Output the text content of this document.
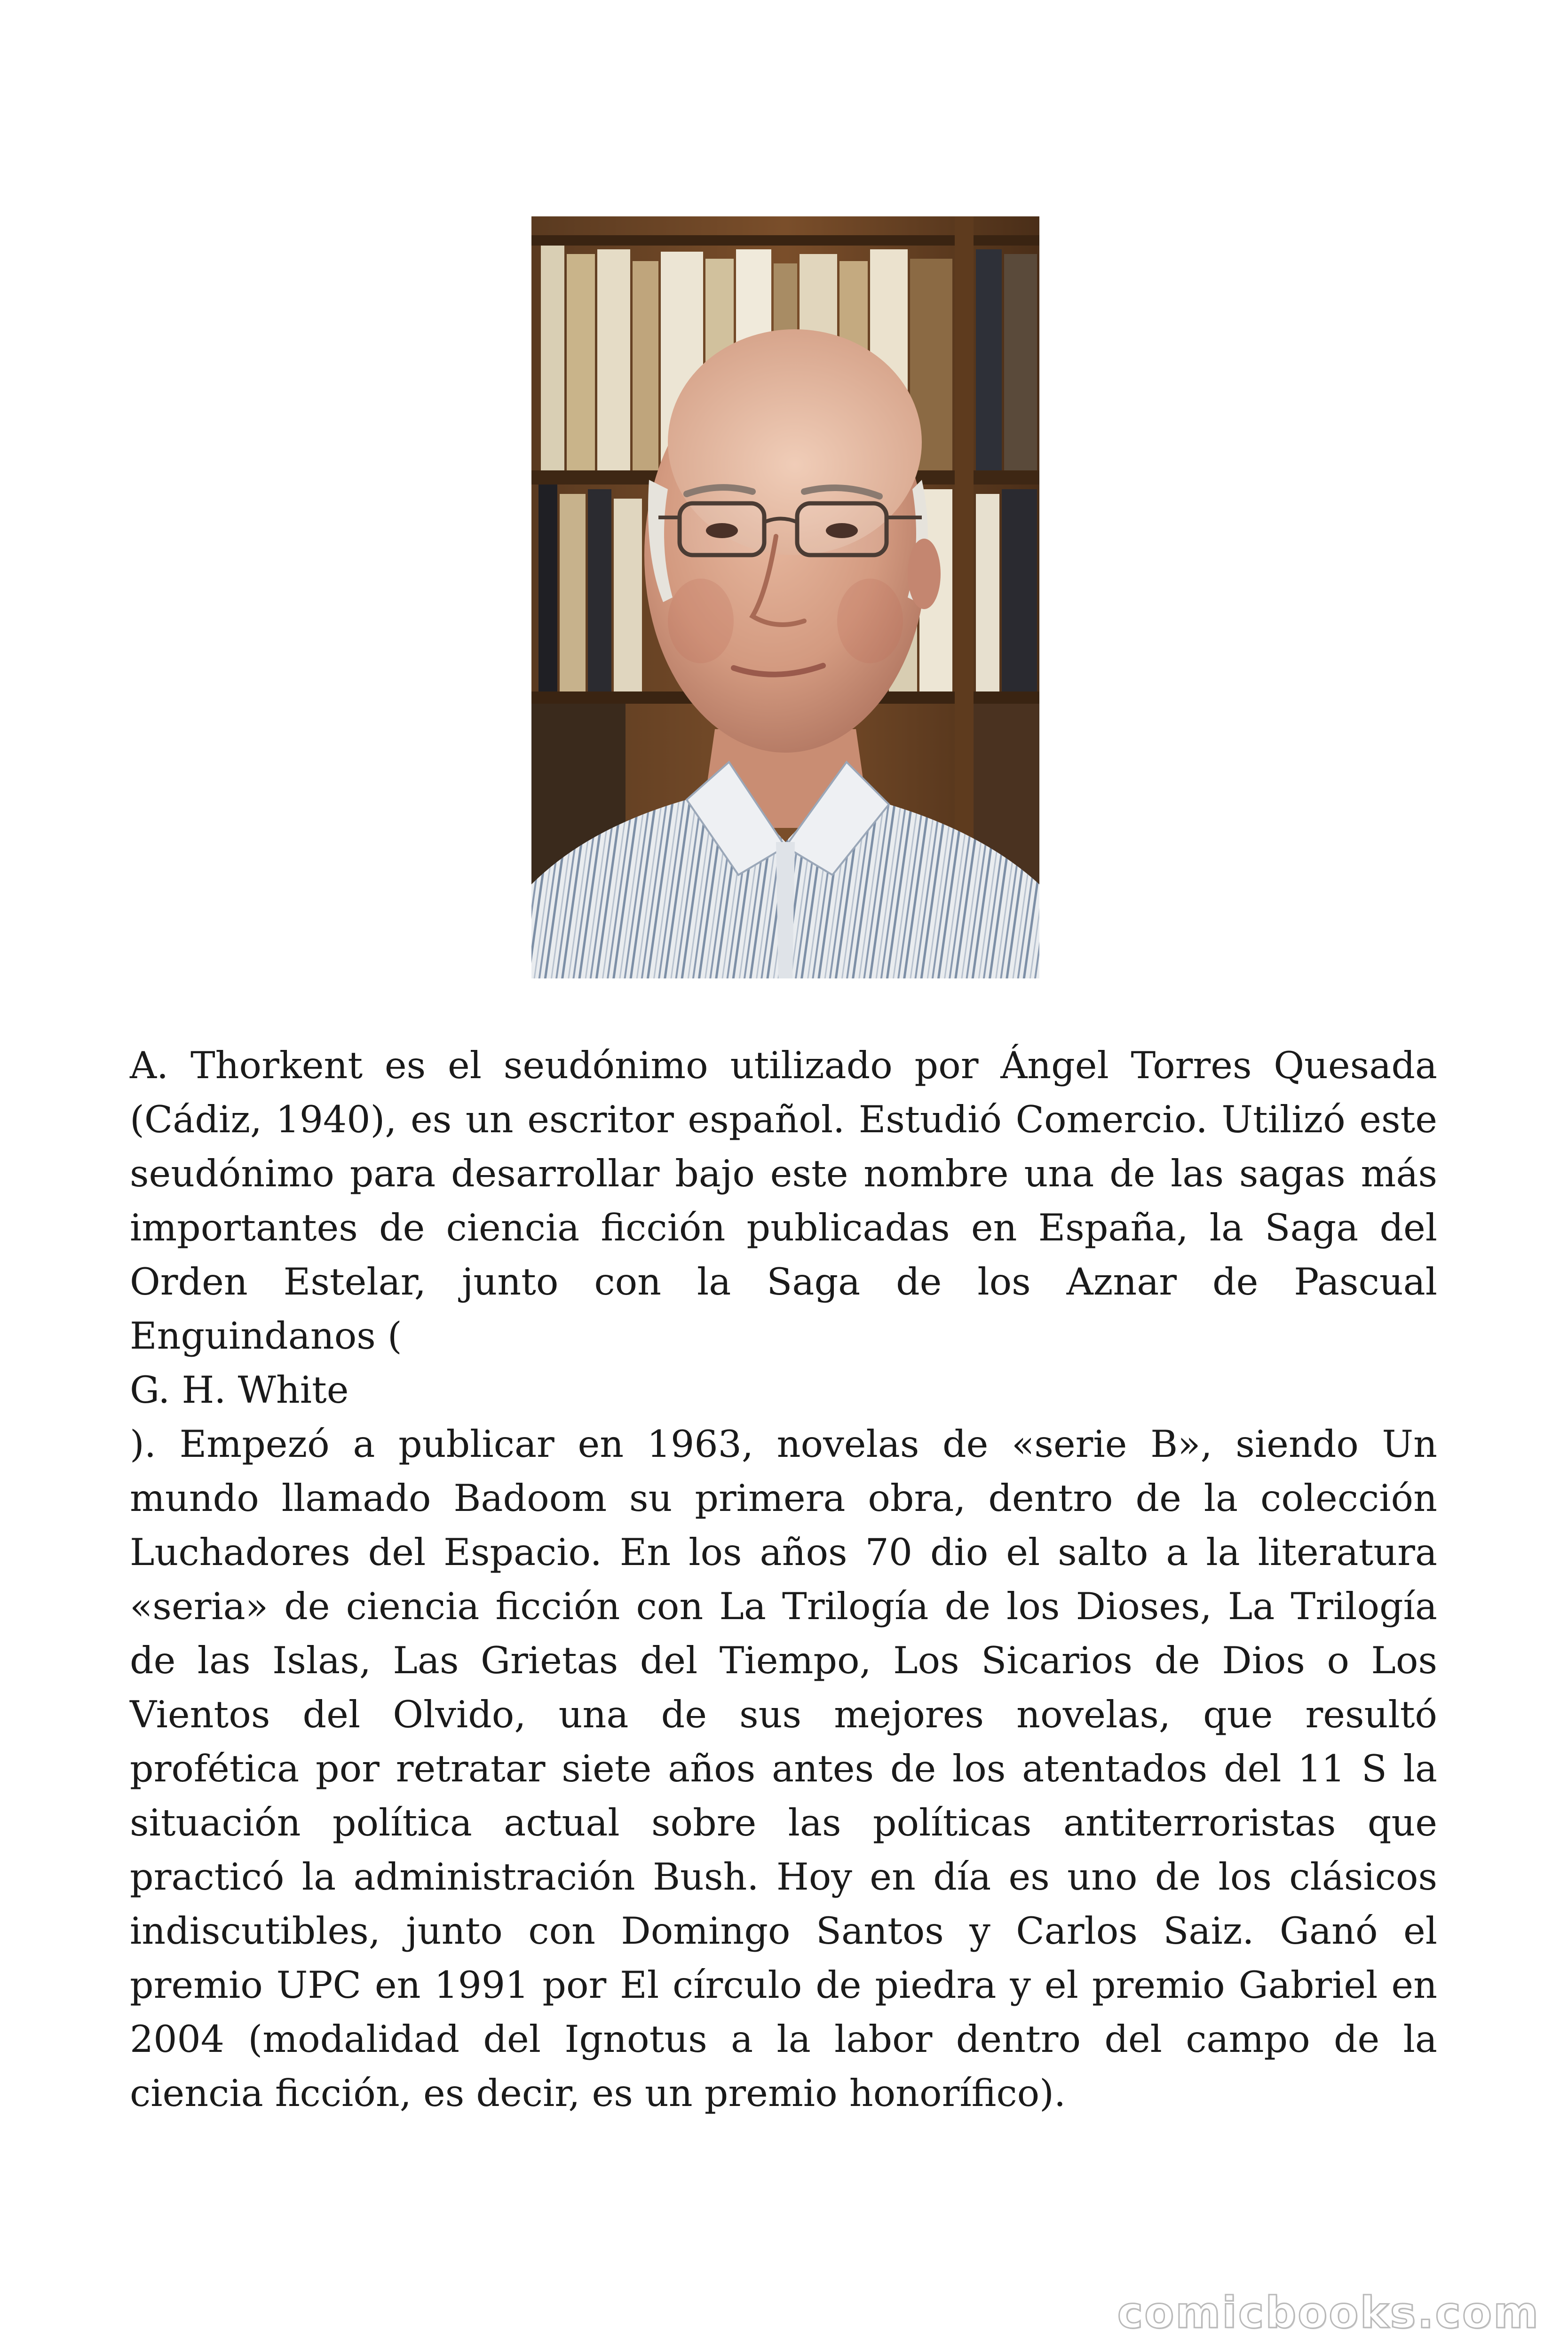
A. Thorkent es el seudónimo utilizado por Ángel Torres Quesada
(Cádiz, 1940), es un escritor español. Estudió Comercio. Utilizó este
seudónimo para desarrollar bajo este nombre una de las sagas más
importantes de ciencia ficción publicadas en España, la Saga del
Orden Estelar, junto con la Saga de los Aznar de Pascual
Enguindanos (
G. H. White
). Empezó a publicar en 1963, novelas de «serie B», siendo Un
mundo llamado Badoom su primera obra, dentro de la colección
Luchadores del Espacio. En los años 70 dio el salto a la literatura
«seria» de ciencia ficción con La Trilogía de los Dioses, La Trilogía
de las Islas, Las Grietas del Tiempo, Los Sicarios de Dios o Los
Vientos del Olvido, una de sus mejores novelas, que resultó
profética por retratar siete años antes de los atentados del 11 S la
situación política actual sobre las políticas antiterroristas que
practicó la administración Bush. Hoy en día es uno de los clásicos
indiscutibles, junto con Domingo Santos y Carlos Saiz. Ganó el
premio UPC en 1991 por El círculo de piedra y el premio Gabriel en
2004 (modalidad del Ignotus a la labor dentro del campo de la
ciencia ficción, es decir, es un premio honorífico).
comicbooks.com
